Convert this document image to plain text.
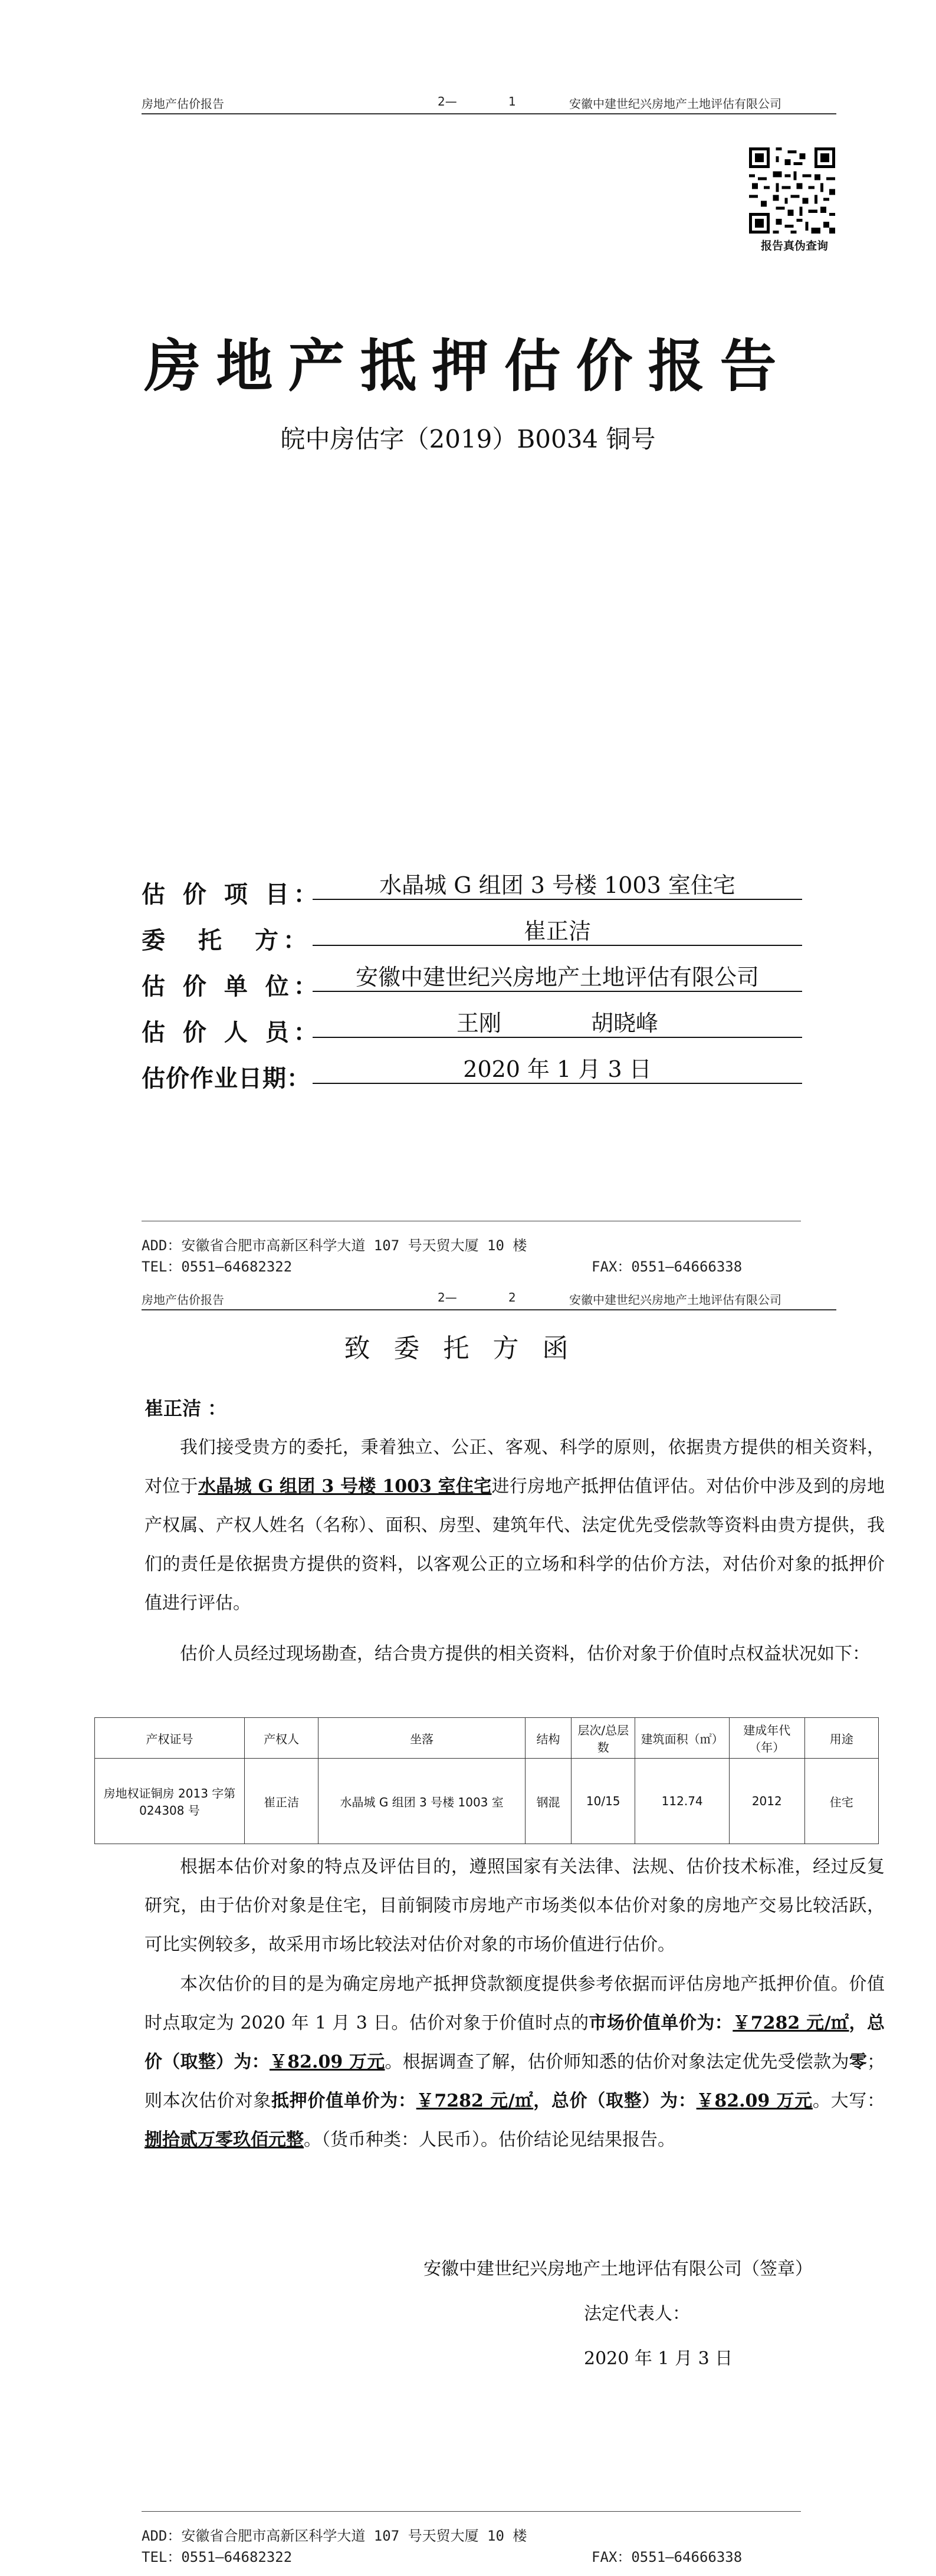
房地产估价报告	2—	1	安徽中建世纪兴房地产土地评估有限公司
报告真伪查询
房地产抵押估价报告
皖中房估字（2019）B0034 铜号
估 价 项 目：	水晶城 G 组团 3 号楼 1003 室住宅
委　托　方：	崔正洁
估 价 单 位：	安徽中建世纪兴房地产土地评估有限公司
估 价 人 员：	王刚　　　　胡晓峰
估价作业日期：	2020 年 1 月 3 日
ADD：安徽省合肥市高新区科学大道 107 号天贸大厦 10 楼
TEL：0551—64682322	FAX：0551—64666338
房地产估价报告	2—	2	安徽中建世纪兴房地产土地评估有限公司
致委托方函
崔正洁 ：
我们接受贵方的委托，秉着独立、公正、客观、科学的原则，依据贵方提供的相关资料，对位于水晶城 G 组团 3 号楼 1003 室住宅进行房地产抵押估值评估。对估价中涉及到的房地产权属、产权人姓名（名称）、面积、房型、建筑年代、法定优先受偿款等资料由贵方提供，我们的责任是依据贵方提供的资料，以客观公正的立场和科学的估价方法，对估价对象的抵押价值进行评估。
估价人员经过现场勘查，结合贵方提供的相关资料，估价对象于价值时点权益状况如下：
产权证号	产权人	坐落	结构	层次/总层数	建筑面积（㎡）	建成年代（年）	用途
房地权证铜房 2013 字第 024308 号	崔正洁	水晶城 G 组团 3 号楼 1003 室	钢混	10/15	112.74	2012	住宅
根据本估价对象的特点及评估目的，遵照国家有关法律、法规、估价技术标准，经过反复研究，由于估价对象是住宅，目前铜陵市房地产市场类似本估价对象的房地产交易比较活跃，可比实例较多，故采用市场比较法对估价对象的市场价值进行估价。
本次估价的目的是为确定房地产抵押贷款额度提供参考依据而评估房地产抵押价值。价值时点取定为 2020 年 1 月 3 日。估价对象于价值时点的市场价值单价为：￥7282 元/㎡，总价（取整）为：￥82.09 万元。根据调查了解，估价师知悉的估价对象法定优先受偿款为零；则本次估价对象抵押价值单价为：￥7282 元/㎡，总价（取整）为：￥82.09 万元。大写：捌拾贰万零玖佰元整。（货币种类：人民币）。估价结论见结果报告。
安徽中建世纪兴房地产土地评估有限公司（签章）
法定代表人：
2020 年 1 月 3 日
ADD：安徽省合肥市高新区科学大道 107 号天贸大厦 10 楼
TEL：0551—64682322	FAX：0551—64666338
